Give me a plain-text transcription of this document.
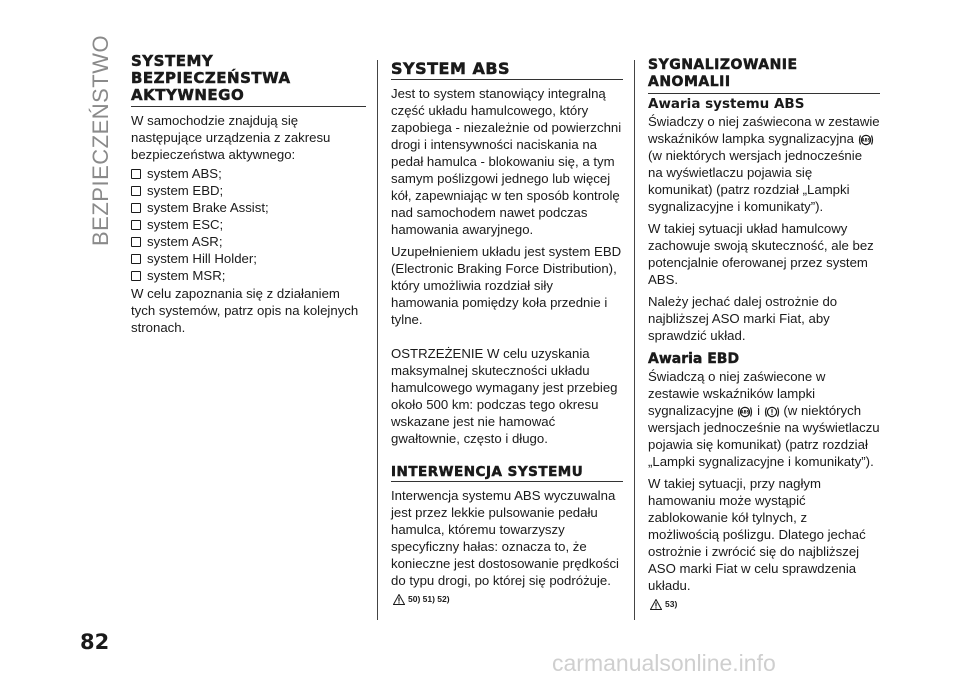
BEZPIECZEŃSTWO
82
carmanualsonline.info
SYSTEMY
BEZPIECZEŃSTWA
AKTYWNEGO

W samochodzie znajdują się następujące urządzenia z zakresu bezpieczeństwa aktywnego:

system ABS;
system EBD;
system Brake Assist;
system ESC;
system ASR;
system Hill Holder;
system MSR;

W celu zapoznania się z działaniem tych systemów, patrz opis na kolejnych stronach.

SYSTEM ABS

Jest to system stanowiący integralną część układu hamulcowego, który zapobiega - niezależnie od powierzchni drogi i intensywności naciskania na pedał hamulca - blokowaniu się, a tym samym poślizgowi jednego lub więcej kół, zapewniając w ten sposób kontrolę nad samochodem nawet podczas hamowania awaryjnego.

Uzupełnieniem układu jest system EBD (Electronic Braking Force Distribution), który umożliwia rozdział siły hamowania pomiędzy koła przednie i tylne.

OSTRZEŻENIE W celu uzyskania maksymalnej skuteczności układu hamulcowego wymagany jest przebieg około 500 km: podczas tego okresu wskazane jest nie hamować gwałtownie, często i długo.

INTERWENCJA SYSTEMU

Interwencja systemu ABS wyczuwalna jest przez lekkie pulsowanie pedału hamulca, któremu towarzyszy specyficzny hałas: oznacza to, że konieczne jest dostosowanie prędkości do typu drogi, po której się podróżuje.

50) 51) 52)
SYGNALIZOWANIE
ANOMALII
Awaria systemu ABS

Świadczy o niej zaświecona w zestawie wskaźników lampka sygnalizacyjna ABS
(w niektórych wersjach jednocześnie na wyświetlaczu pojawia się komunikat) (patrz rozdział „Lampki sygnalizacyjne i komunikaty”).

W takiej sytuacji układ hamulcowy zachowuje swoją skuteczność, ale bez potencjalnie oferowanej przez system ABS.

Należy jechać dalej ostrożnie do najbliższej ASO marki Fiat, aby sprawdzić układ.

Awaria EBD

Świadczą o niej zaświecone w zestawie wskaźników lampki sygnalizacyjne ABS i (w niektórych wersjach jednocześnie na wyświetlaczu pojawia się komunikat) (patrz rozdział „Lampki sygnalizacyjne i komunikaty”).

W takiej sytuacji, przy nagłym hamowaniu może wystąpić zablokowanie kół tylnych, z możliwością poślizgu. Dlatego jechać ostrożnie i zwrócić się do najbliższej ASO marki Fiat w celu sprawdzenia układu.

53)
